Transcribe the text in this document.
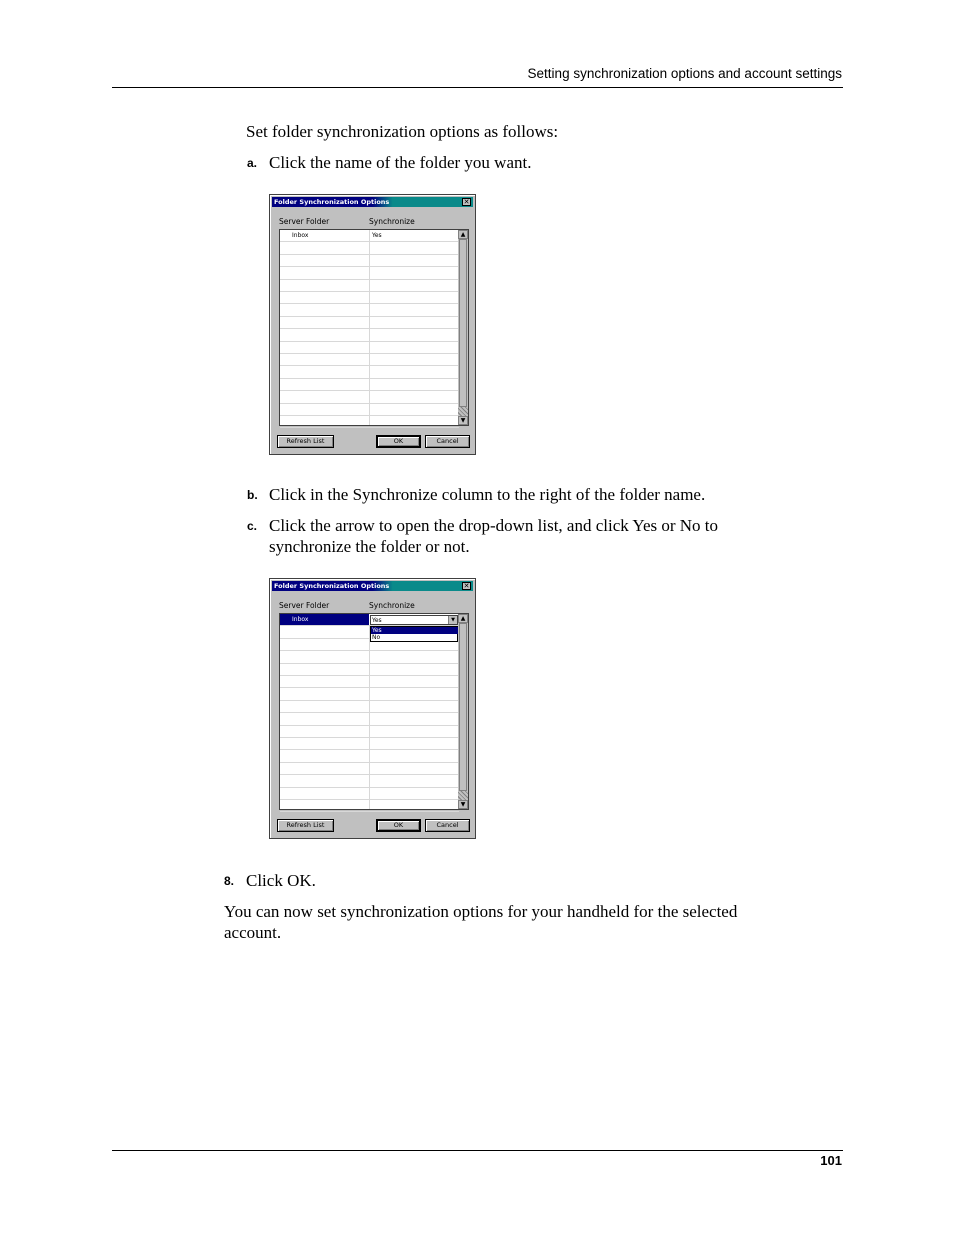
Setting synchronization options and account settings
Set folder synchronization options as follows:
a. Click the name of the folder you want.
Folder Synchronization Options	✕
Server Folder	Synchronize
Inbox	Yes	▲
▼
Refresh List	OK	Cancel
b. Click in the Synchronize column to the right of the folder name.
c. Click the arrow to open the drop-down list, and click Yes or No to
synchronize the folder or not.
Folder Synchronization Options	✕
Server Folder	Synchronize
Inbox	Yes	▼
Yes
No
▲
▼
Refresh List	OK	Cancel
8. Click OK.
You can now set synchronization options for your handheld for the selected
account.
101
